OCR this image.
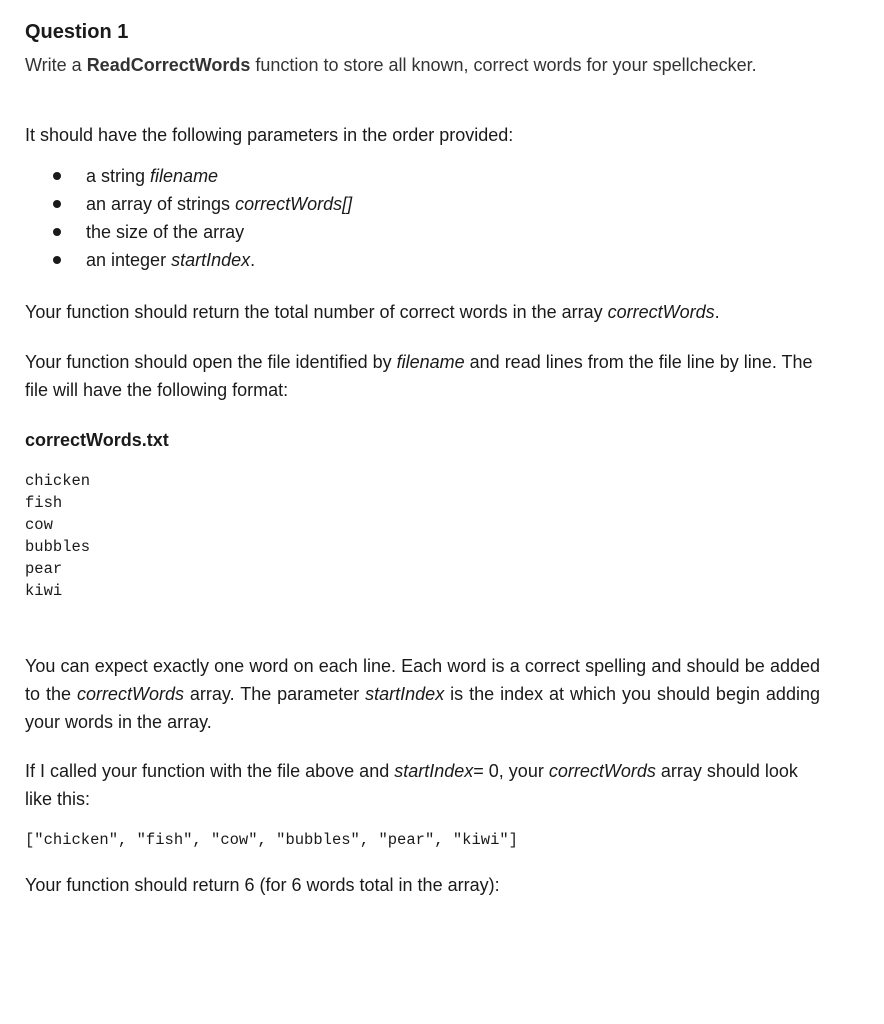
Question 1

Write a ReadCorrectWords function to store all known, correct words for your spellchecker.

It should have the following parameters in the order provided:

a string filename
an array of strings correctWords[]
the size of the array
an integer startIndex.

Your function should return the total number of correct words in the array correctWords.

Your function should open the file identified by filename and read lines from the file line by line. The file will have the following format:

correctWords.txt
chicken
fish
cow
bubbles
pear
kiwi

You can expect exactly one word on each line. Each word is a correct spelling and should be added to the correctWords array. The parameter startIndex is the index at which you should begin adding your words in the array.

If I called your function with the file above and startIndex= 0, your correctWords array should look like this:

["chicken", "fish", "cow", "bubbles", "pear", "kiwi"]

Your function should return 6 (for 6 words total in the array):
